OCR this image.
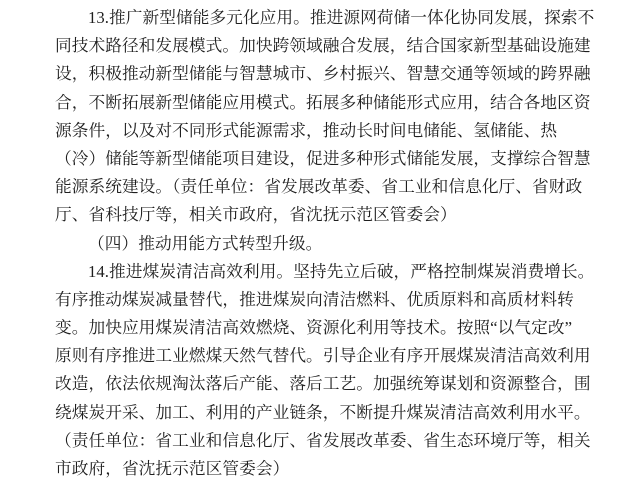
13.推广新型储能多元化应用。推进源网荷储一体化协同发展，探索不
同技术路径和发展模式。加快跨领域融合发展，结合国家新型基础设施建
设，积极推动新型储能与智慧城市、乡村振兴、智慧交通等领域的跨界融
合，不断拓展新型储能应用模式。拓展多种储能形式应用，结合各地区资
源条件，以及对不同形式能源需求，推动长时间电储能、氢储能、热
（冷）储能等新型储能项目建设，促进多种形式储能发展，支撑综合智慧
能源系统建设。（责任单位：省发展改革委、省工业和信息化厅、省财政
厅、省科技厅等，相关市政府，省沈抚示范区管委会）
（四）推动用能方式转型升级。
14.推进煤炭清洁高效利用。坚持先立后破，严格控制煤炭消费增长。
有序推动煤炭减量替代，推进煤炭向清洁燃料、优质原料和高质材料转
变。加快应用煤炭清洁高效燃烧、资源化利用等技术。按照“以气定改”
原则有序推进工业燃煤天然气替代。引导企业有序开展煤炭清洁高效利用
改造，依法依规淘汰落后产能、落后工艺。加强统筹谋划和资源整合，围
绕煤炭开采、加工、利用的产业链条，不断提升煤炭清洁高效利用水平。
（责任单位：省工业和信息化厅、省发展改革委、省生态环境厅等，相关
市政府，省沈抚示范区管委会）
